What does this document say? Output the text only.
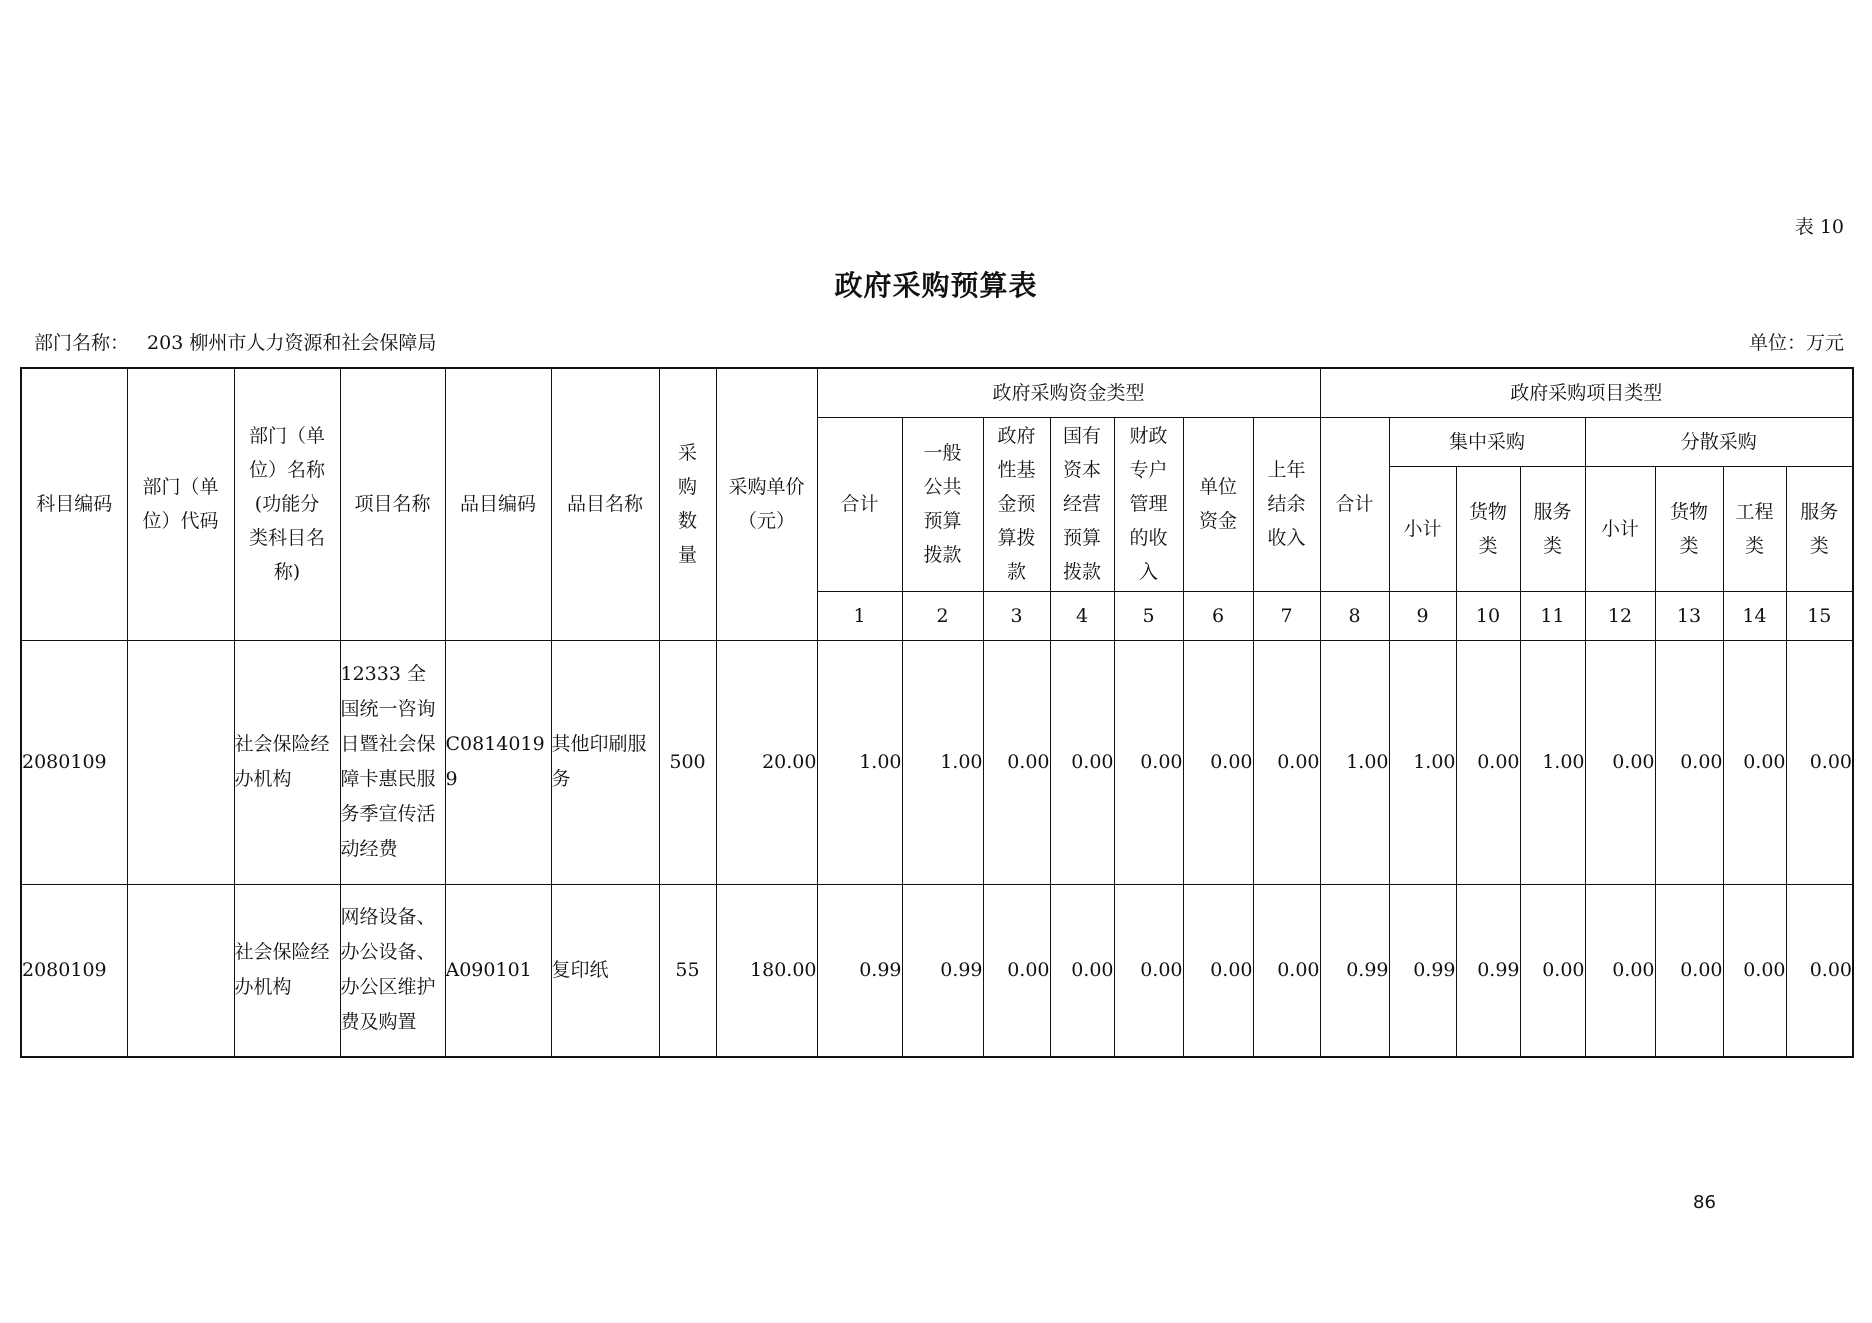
表 10
政府采购预算表
部门名称： 203 柳州市人力资源和社会保障局	单位：万元
科目编码	部门（单位）代码	部门（单位）名称(功能分类科目名称)	项目名称	品目编码	品目名称	采购数量	采购单价（元）	政府采购资金类型							政府采购项目类型							
								合计	一般公共预算拨款	政府性基金预算拨款	国有资本经营预算拨款	财政专户管理的收入	单位资金	上年结余收入	合计	集中采购			分散采购			
																小计	货物类	服务类	小计	货物类	工程类	服务类
								1	2	3	4	5	6	7	8	9	10	11	12	13	14	15
2080109		社会保险经办机构	12333 全国统一咨询日暨社会保障卡惠民服务季宣传活动经费	C08140199	其他印刷服务	500	20.00	1.00	1.00	0.00	0.00	0.00	0.00	0.00	1.00	1.00	0.00	1.00	0.00	0.00	0.00	0.00
2080109		社会保险经办机构	网络设备、办公设备、办公区维护费及购置	A090101	复印纸	55	180.00	0.99	0.99	0.00	0.00	0.00	0.00	0.00	0.99	0.99	0.99	0.00	0.00	0.00	0.00	0.00
86
